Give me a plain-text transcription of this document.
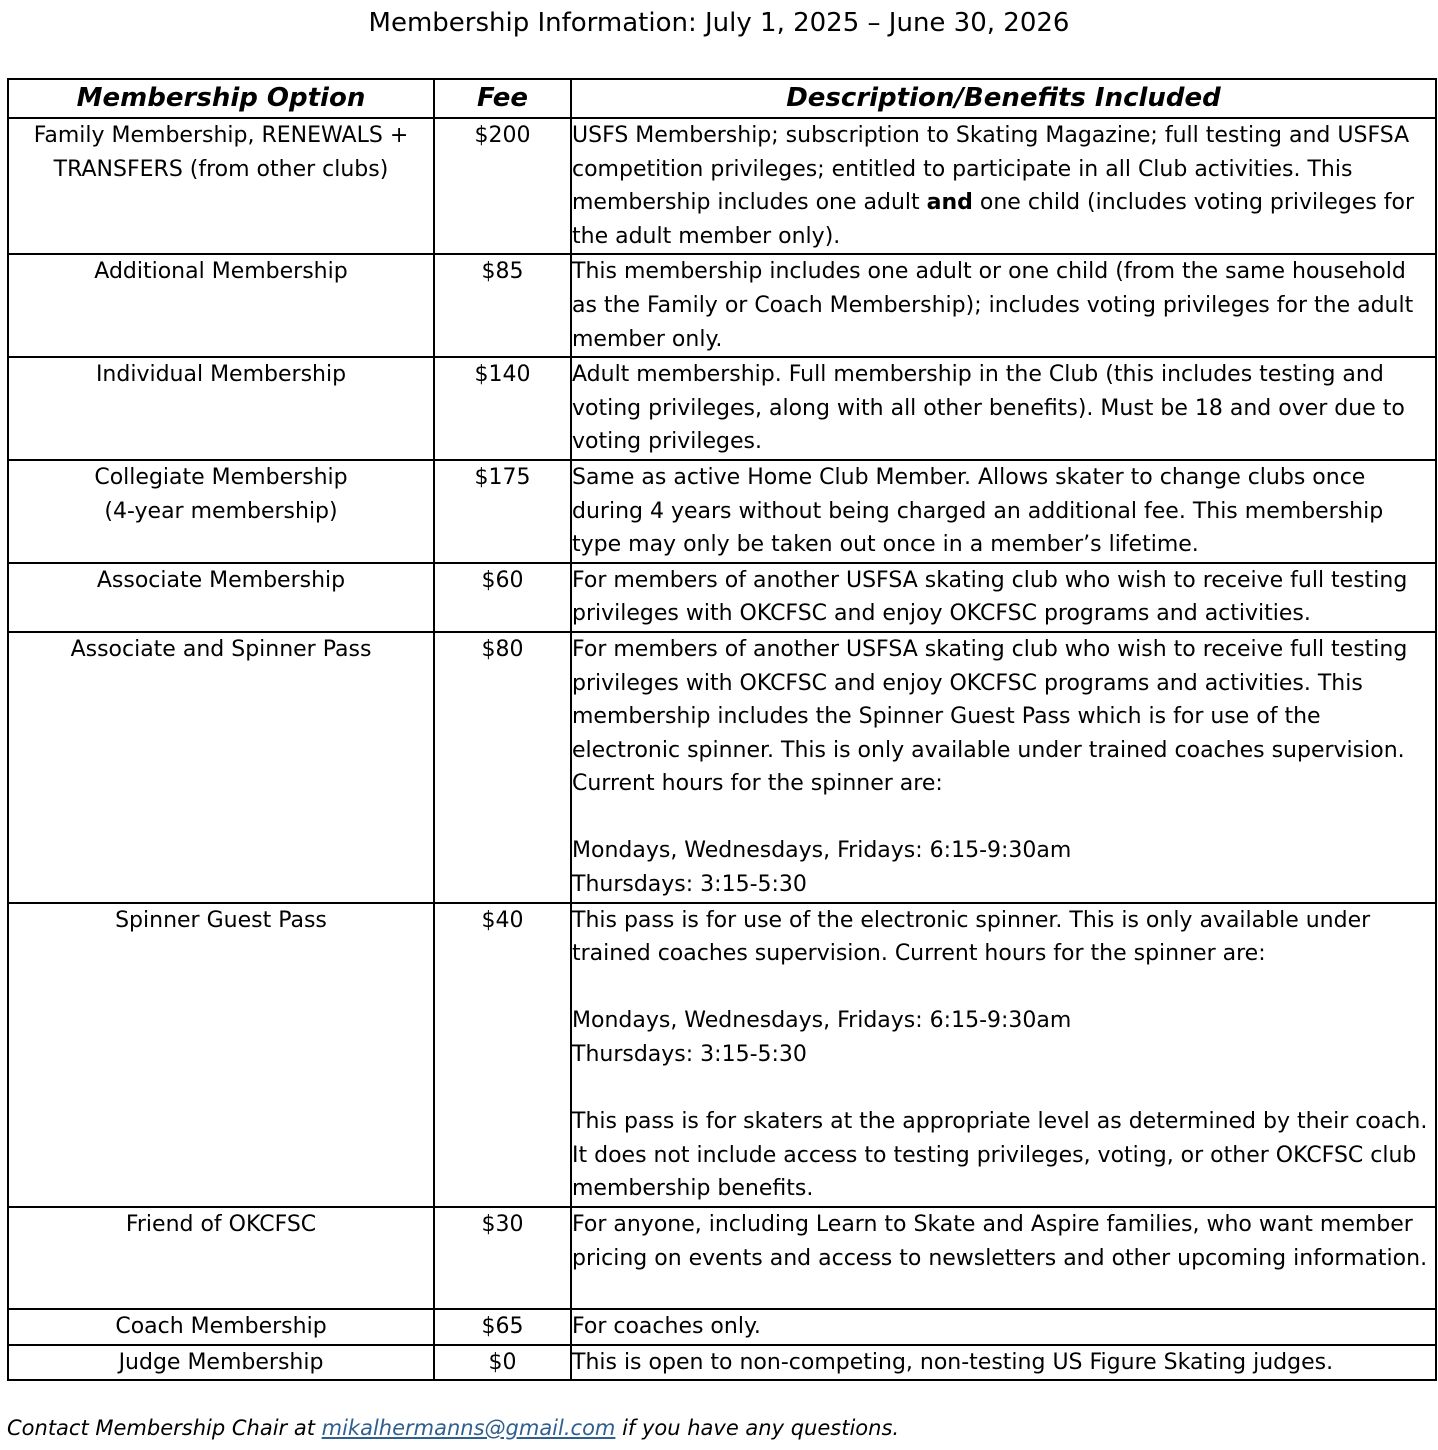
Membership Information: July 1, 2025 – June 30, 2026
Membership Option	Fee	Description/Benefits Included

Family Membership, RENEWALS +
TRANSFERS (from other clubs)	$200	USFS Membership; subscription to Skating Magazine; full testing and USFSA competition privileges; entitled to participate in all Club activities. This membership includes one adult and one child (includes voting privileges for the adult member only).

Additional Membership	$85	This membership includes one adult or one child (from the same household as the Family or Coach Membership); includes voting privileges for the adult member only.

Individual Membership	$140	Adult membership. Full membership in the Club (this includes testing and voting privileges, along with all other benefits). Must be 18 and over due to voting privileges.

Collegiate Membership
(4-year membership)	$175	Same as active Home Club Member. Allows skater to change clubs once during 4 years without being charged an additional fee. This membership type may only be taken out once in a member’s lifetime.

Associate Membership	$60	For members of another USFSA skating club who wish to receive full testing privileges with OKCFSC and enjoy OKCFSC programs and activities.

Associate and Spinner Pass	$80	For members of another USFSA skating club who wish to receive full testing privileges with OKCFSC and enjoy OKCFSC programs and activities. This membership includes the Spinner Guest Pass which is for use of the electronic spinner. This is only available under trained coaches supervision. Current hours for the spinner are:
Mondays, Wednesdays, Fridays: 6:15-9:30am
Thursdays: 3:15-5:30

Spinner Guest Pass	$40	This pass is for use of the electronic spinner. This is only available under trained coaches supervision. Current hours for the spinner are:
Mondays, Wednesdays, Fridays: 6:15-9:30am
Thursdays: 3:15-5:30
This pass is for skaters at the appropriate level as determined by their coach. It does not include access to testing privileges, voting, or other OKCFSC club membership benefits.

Friend of OKCFSC	$30	For anyone, including Learn to Skate and Aspire families, who want member pricing on events and access to newsletters and other upcoming information.

Coach Membership	$65	For coaches only.

Judge Membership	$0	This is open to non-competing, non-testing US Figure Skating judges.
Contact Membership Chair at mikalhermanns@gmail.com if you have any questions.
